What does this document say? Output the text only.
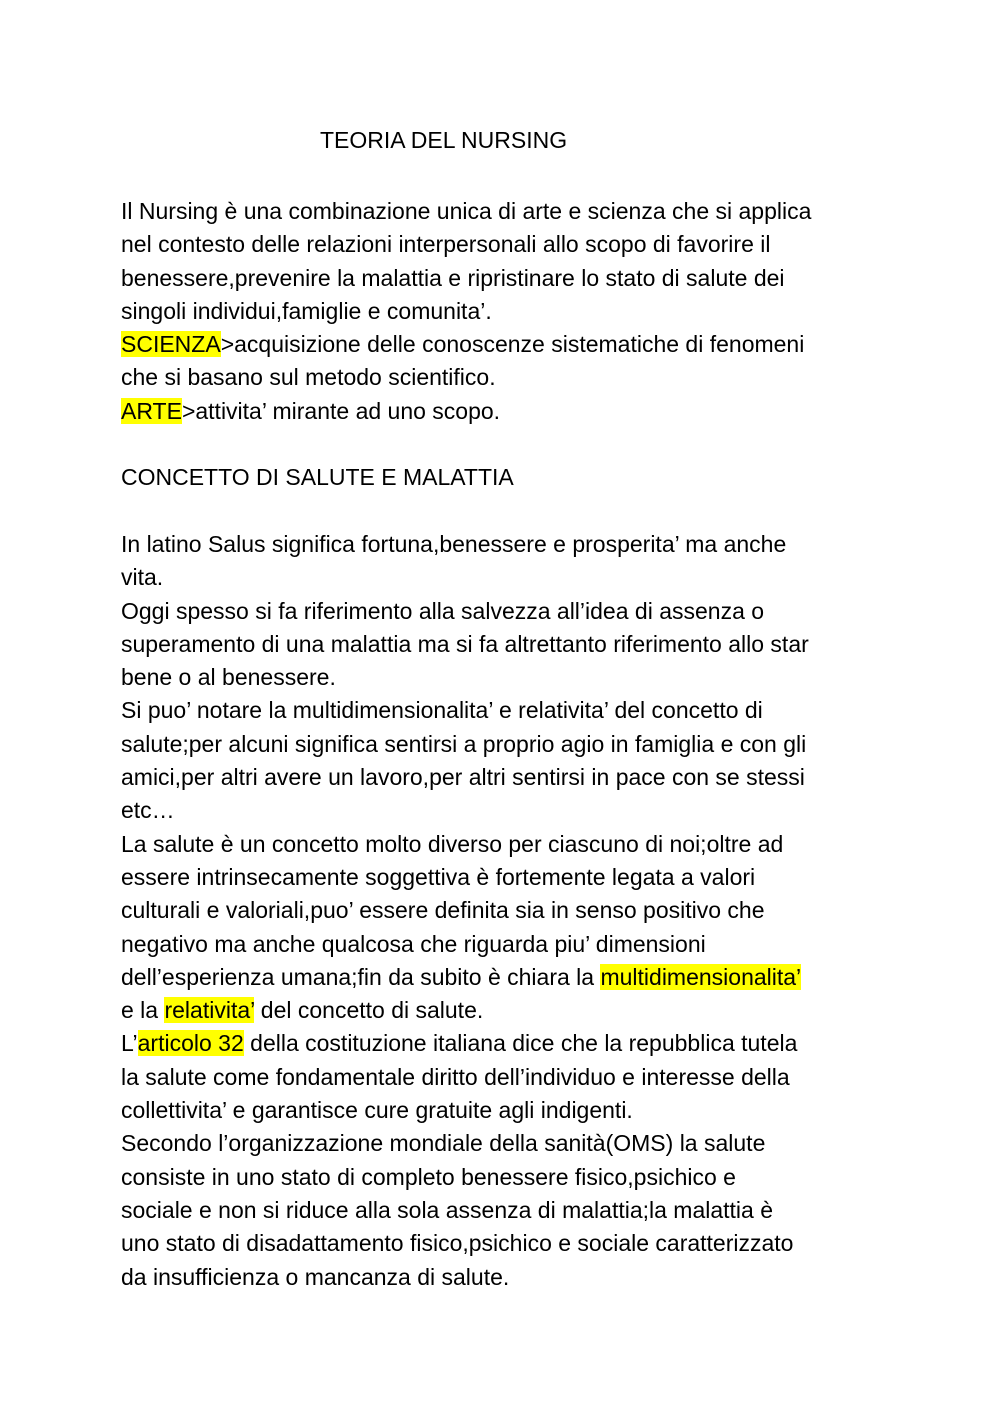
TEORIA DEL NURSING
Il Nursing è una combinazione unica di arte e scienza che si applica
nel contesto delle relazioni interpersonali allo scopo di favorire il
benessere,prevenire la malattia e ripristinare lo stato di salute dei
singoli individui,famiglie e comunita’.
SCIENZA>acquisizione delle conoscenze sistematiche di fenomeni
che si basano sul metodo scientifico.
ARTE>attivita’ mirante ad uno scopo.
CONCETTO DI SALUTE E MALATTIA
In latino Salus significa fortuna,benessere e prosperita’ ma anche
vita.
Oggi spesso si fa riferimento alla salvezza all’idea di assenza o
superamento di una malattia ma si fa altrettanto riferimento allo star
bene o al benessere.
Si puo’ notare la multidimensionalita’ e relativita’ del concetto di
salute;per alcuni significa sentirsi a proprio agio in famiglia e con gli
amici,per altri avere un lavoro,per altri sentirsi in pace con se stessi
etc…
La salute è un concetto molto diverso per ciascuno di noi;oltre ad
essere intrinsecamente soggettiva è fortemente legata a valori
culturali e valoriali,puo’ essere definita sia in senso positivo che
negativo ma anche qualcosa che riguarda piu’ dimensioni
dell’esperienza umana;fin da subito è chiara la multidimensionalita’
e la relativita’ del concetto di salute.
L’articolo 32 della costituzione italiana dice che la repubblica tutela
la salute come fondamentale diritto dell’individuo e interesse della
collettivita’ e garantisce cure gratuite agli indigenti.
Secondo l’organizzazione mondiale della sanità(OMS) la salute
consiste in uno stato di completo benessere fisico,psichico e
sociale e non si riduce alla sola assenza di malattia;la malattia è
uno stato di disadattamento fisico,psichico e sociale caratterizzato
da insufficienza o mancanza di salute.
